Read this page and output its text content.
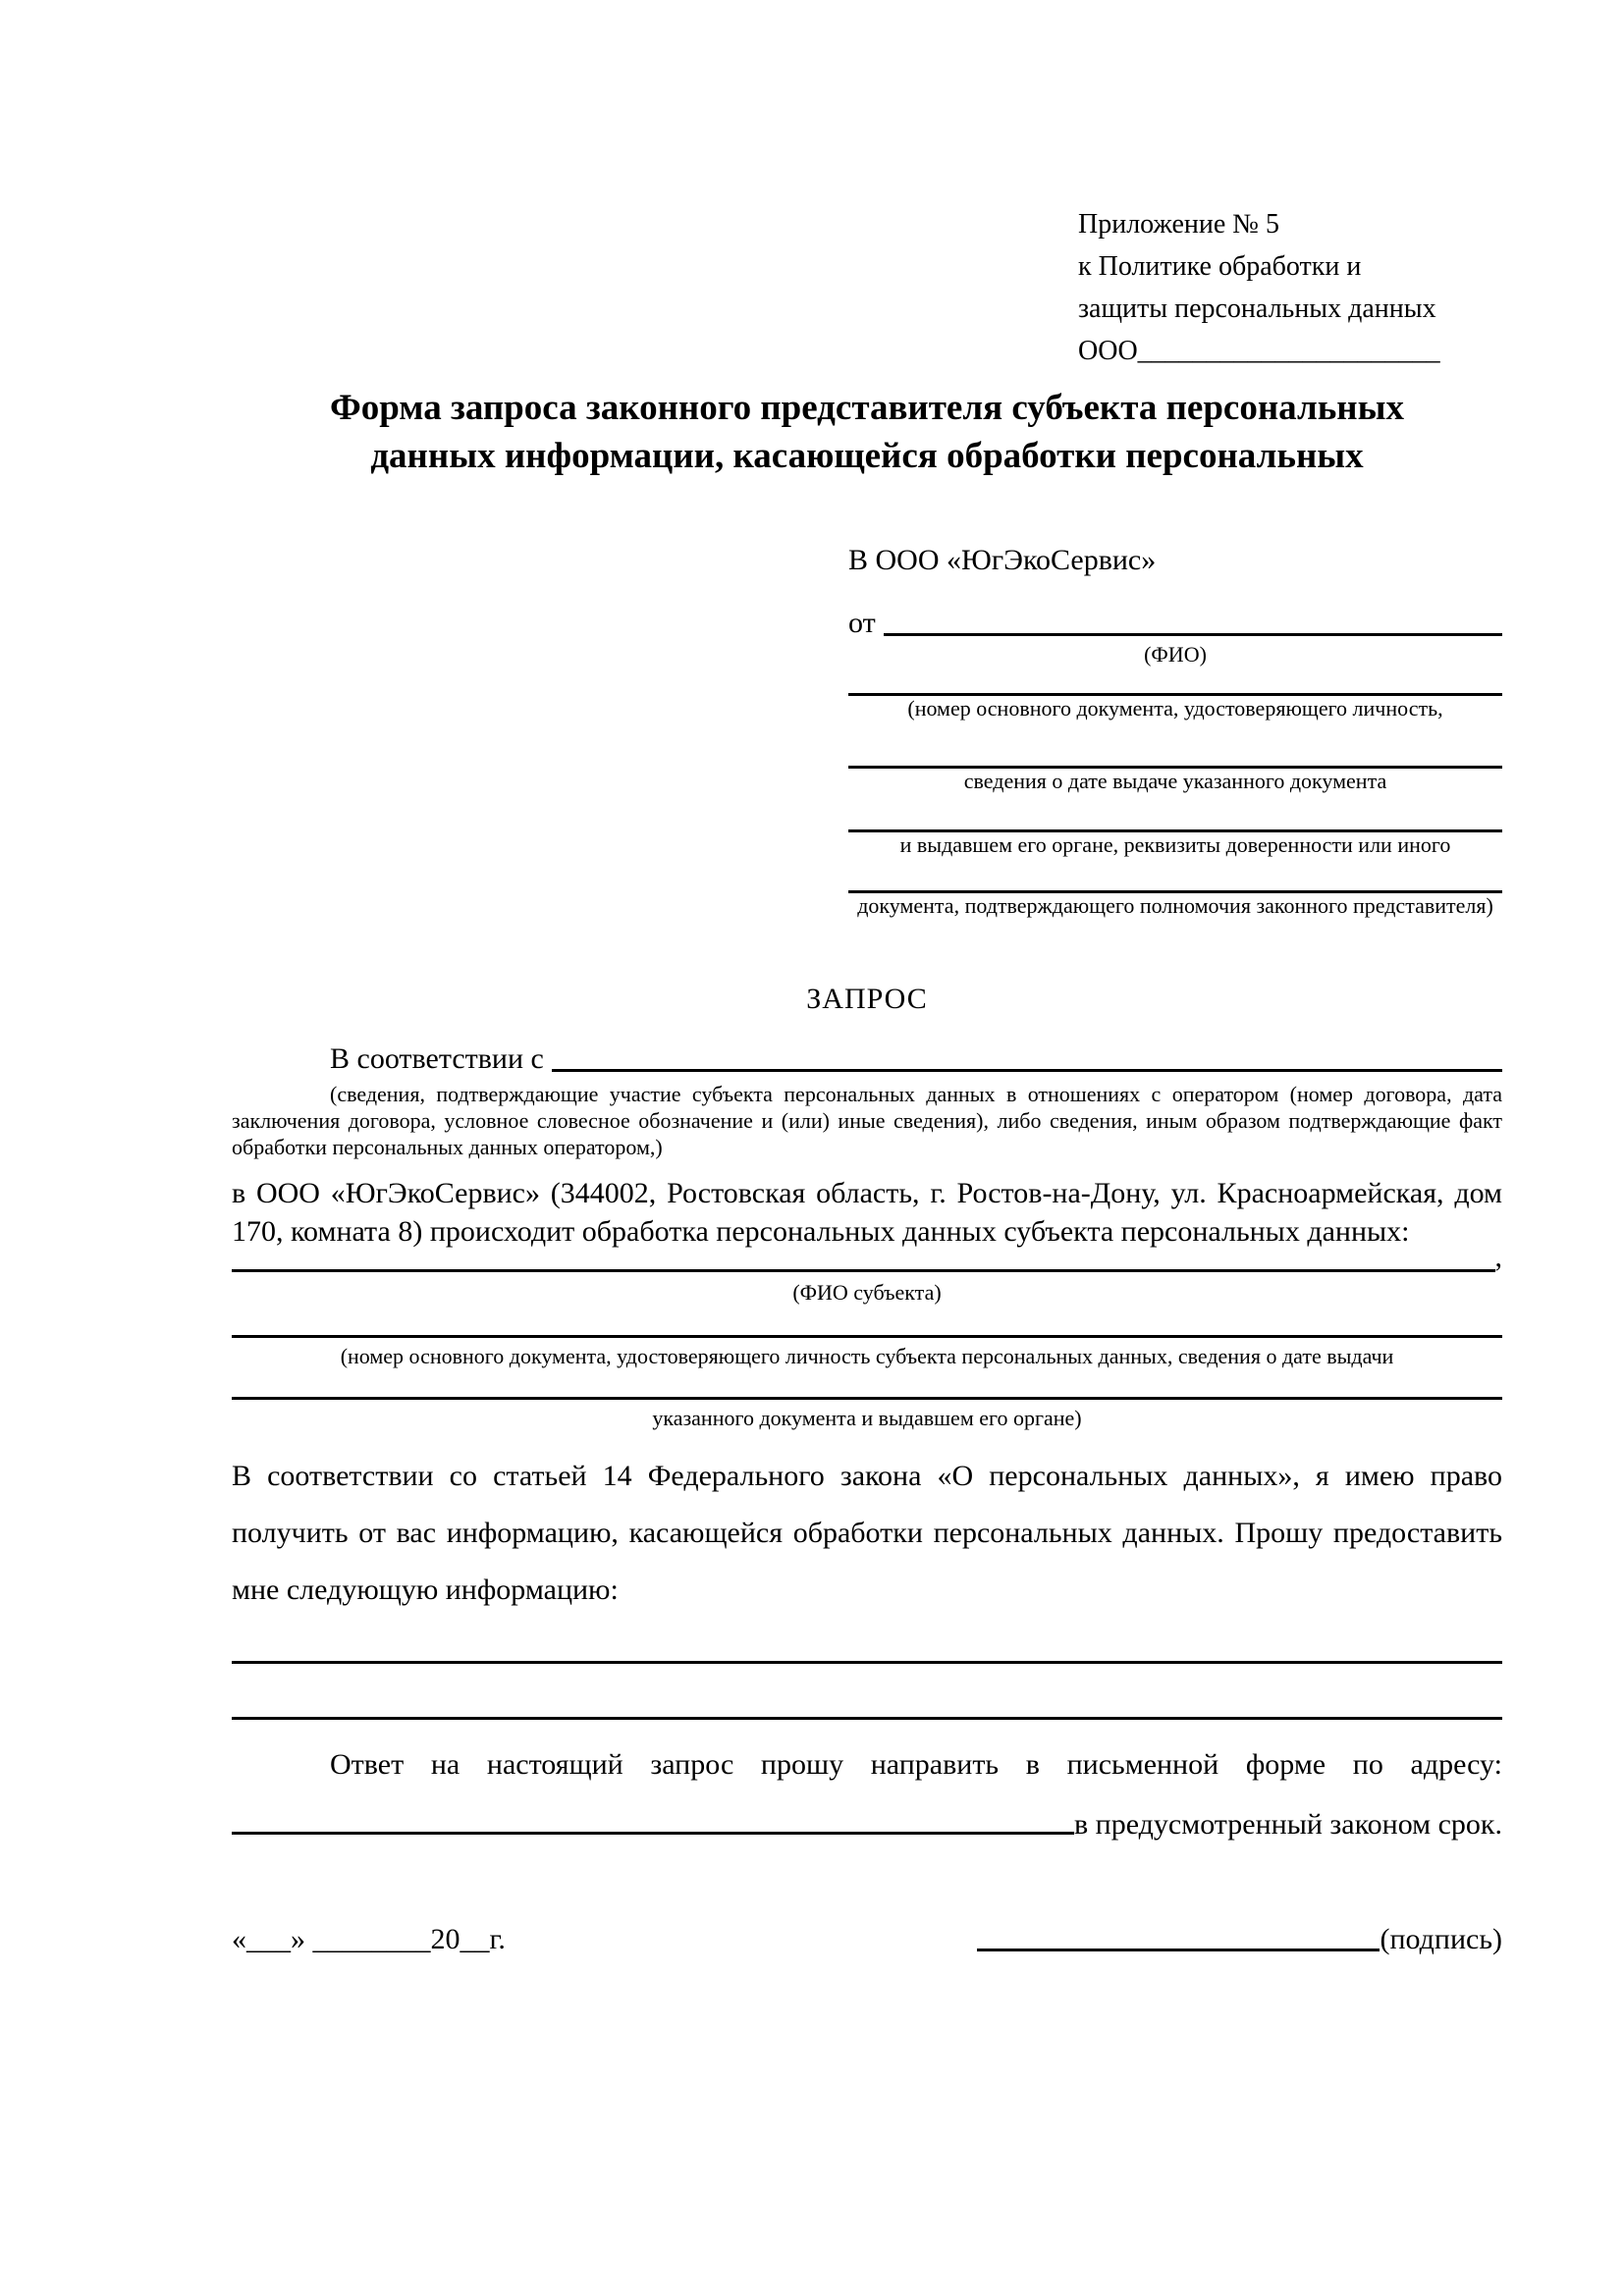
Приложение № 5
к Политике обработки и
защиты персональных данных
ООО______________________
Форма запроса законного представителя субъекта персональных
данных информации, касающейся обработки персональных
В ООО «ЮгЭкоСервис»
от
(ФИО)
(номер основного документа, удостоверяющего личность,
сведения о дате выдаче указанного документа
и выдавшем его органе, реквизиты доверенности или иного
документа, подтверждающего полномочия законного представителя)
ЗАПРОС
В соответствии с
(сведения, подтверждающие участие субъекта персональных данных в отношениях с оператором (номер договора, дата заключения договора, условное словесное обозначение и (или) иные сведения), либо сведения, иным образом подтверждающие факт обработки персональных данных оператором,)
в ООО «ЮгЭкоСервис» (344002, Ростовская область, г. Ростов-на-Дону, ул. Красноармейская, дом 170, комната 8) происходит обработка персональных данных субъекта персональных данных:
,
(ФИО субъекта)
(номер основного документа, удостоверяющего личность субъекта персональных данных, сведения о дате выдачи
указанного документа и выдавшем его органе)
В соответствии со статьей 14 Федерального закона «О персональных данных», я имею право получить от вас информацию, касающейся обработки персональных данных. Прошу предоставить мне следующую информацию:
Ответ на настоящий запрос прошу направить в письменной форме по адресу:
в предусмотренный законом срок.
«___» ________20__г.	(подпись)
